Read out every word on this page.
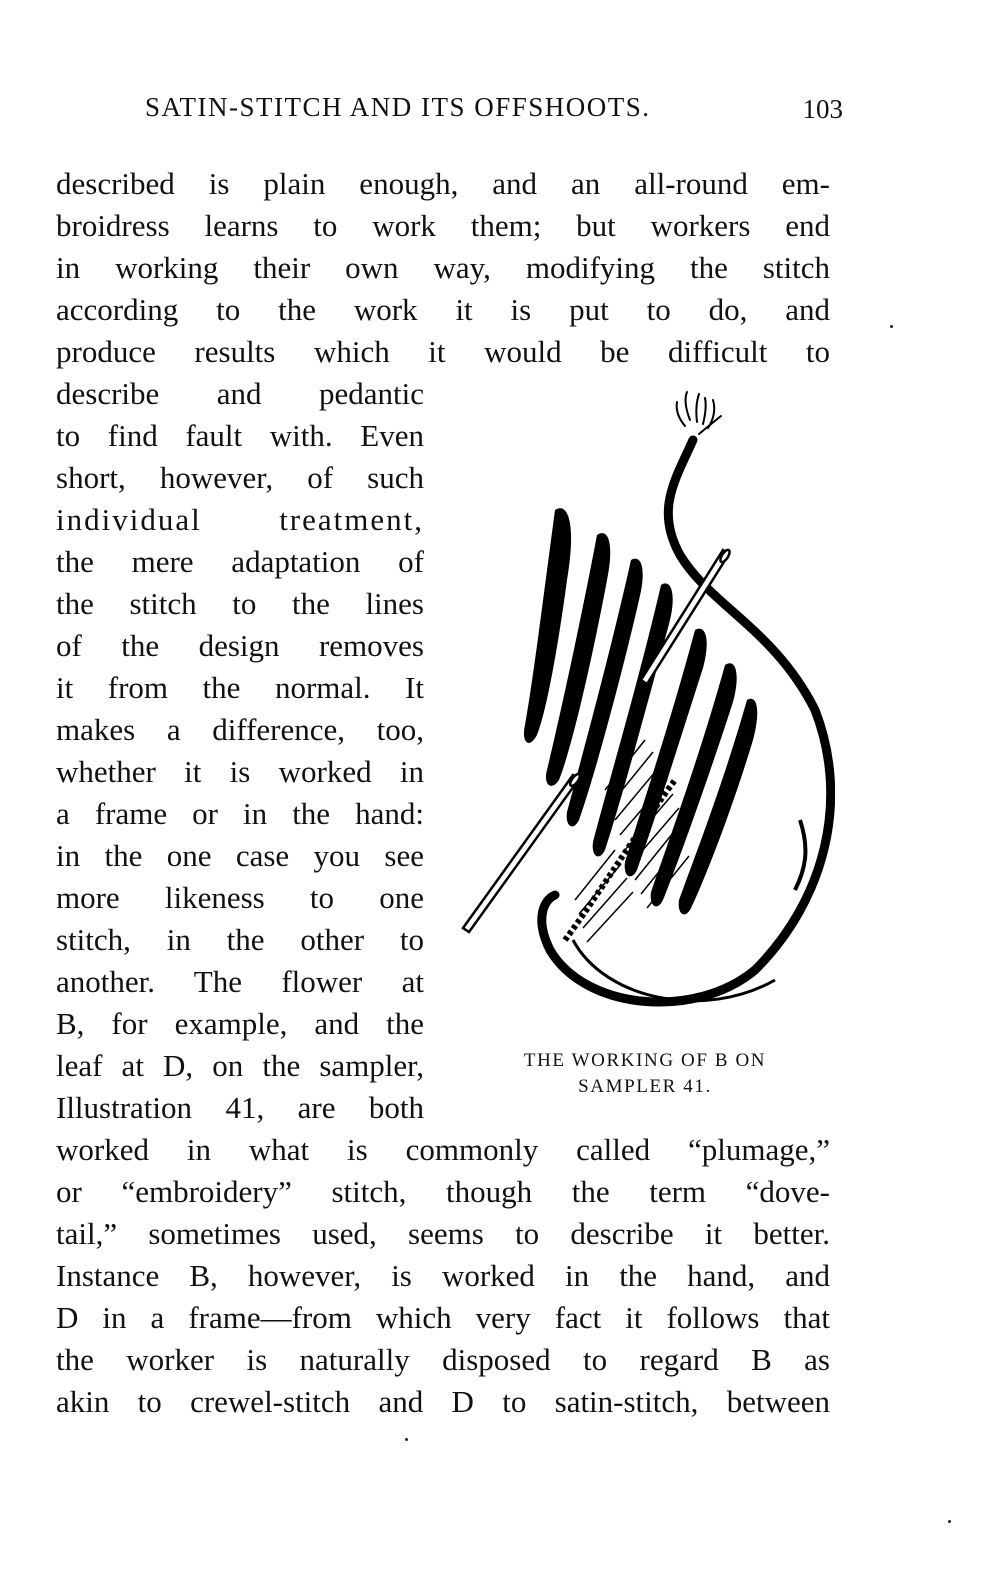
SATIN-STITCH AND ITS OFFSHOOTS.	103
described is plain enough, and an all-round em-
broidress learns to work them; but workers end
in working their own way, modifying the stitch
according to the work it is put to do, and
produce results which it would be difficult to
describe and pedantic
to find fault with. Even
short, however, of such
individual treatment,
the mere adaptation of
the stitch to the lines
of the design removes
it from the normal. It
makes a difference, too,
whether it is worked in
a frame or in the hand:
in the one case you see
more likeness to one
stitch, in the other to
another. The flower at
B, for example, and the
leaf at D, on the sampler,
Illustration 41, are both
worked in what is commonly called “plumage,”
or “embroidery” stitch, though the term “dove-
tail,” sometimes used, seems to describe it better.
Instance B, however, is worked in the hand, and
D in a frame—from which very fact it follows that
the worker is naturally disposed to regard B as
akin to crewel-stitch and D to satin-stitch, between
THE WORKING OF B ON
SAMPLER 41.
